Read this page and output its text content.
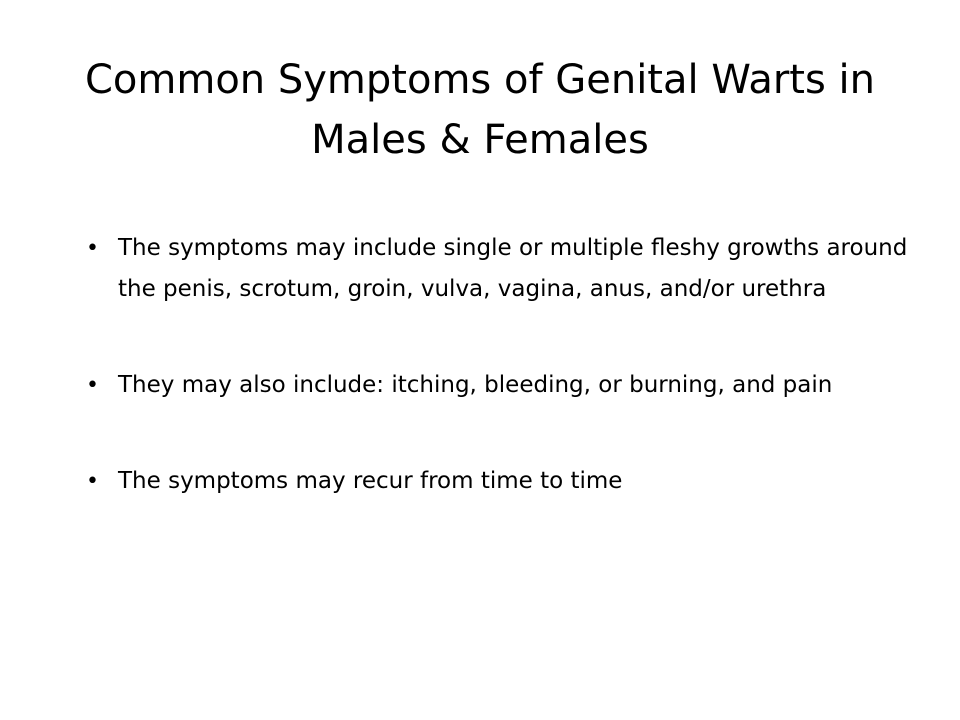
Common Symptoms of Genital Warts in Males & Females
• The symptoms may include single or multiple fleshy growths around the penis, scrotum, groin, vulva, vagina, anus, and/or urethra
• They may also include: itching, bleeding, or burning, and pain
• The symptoms may recur from time to time
